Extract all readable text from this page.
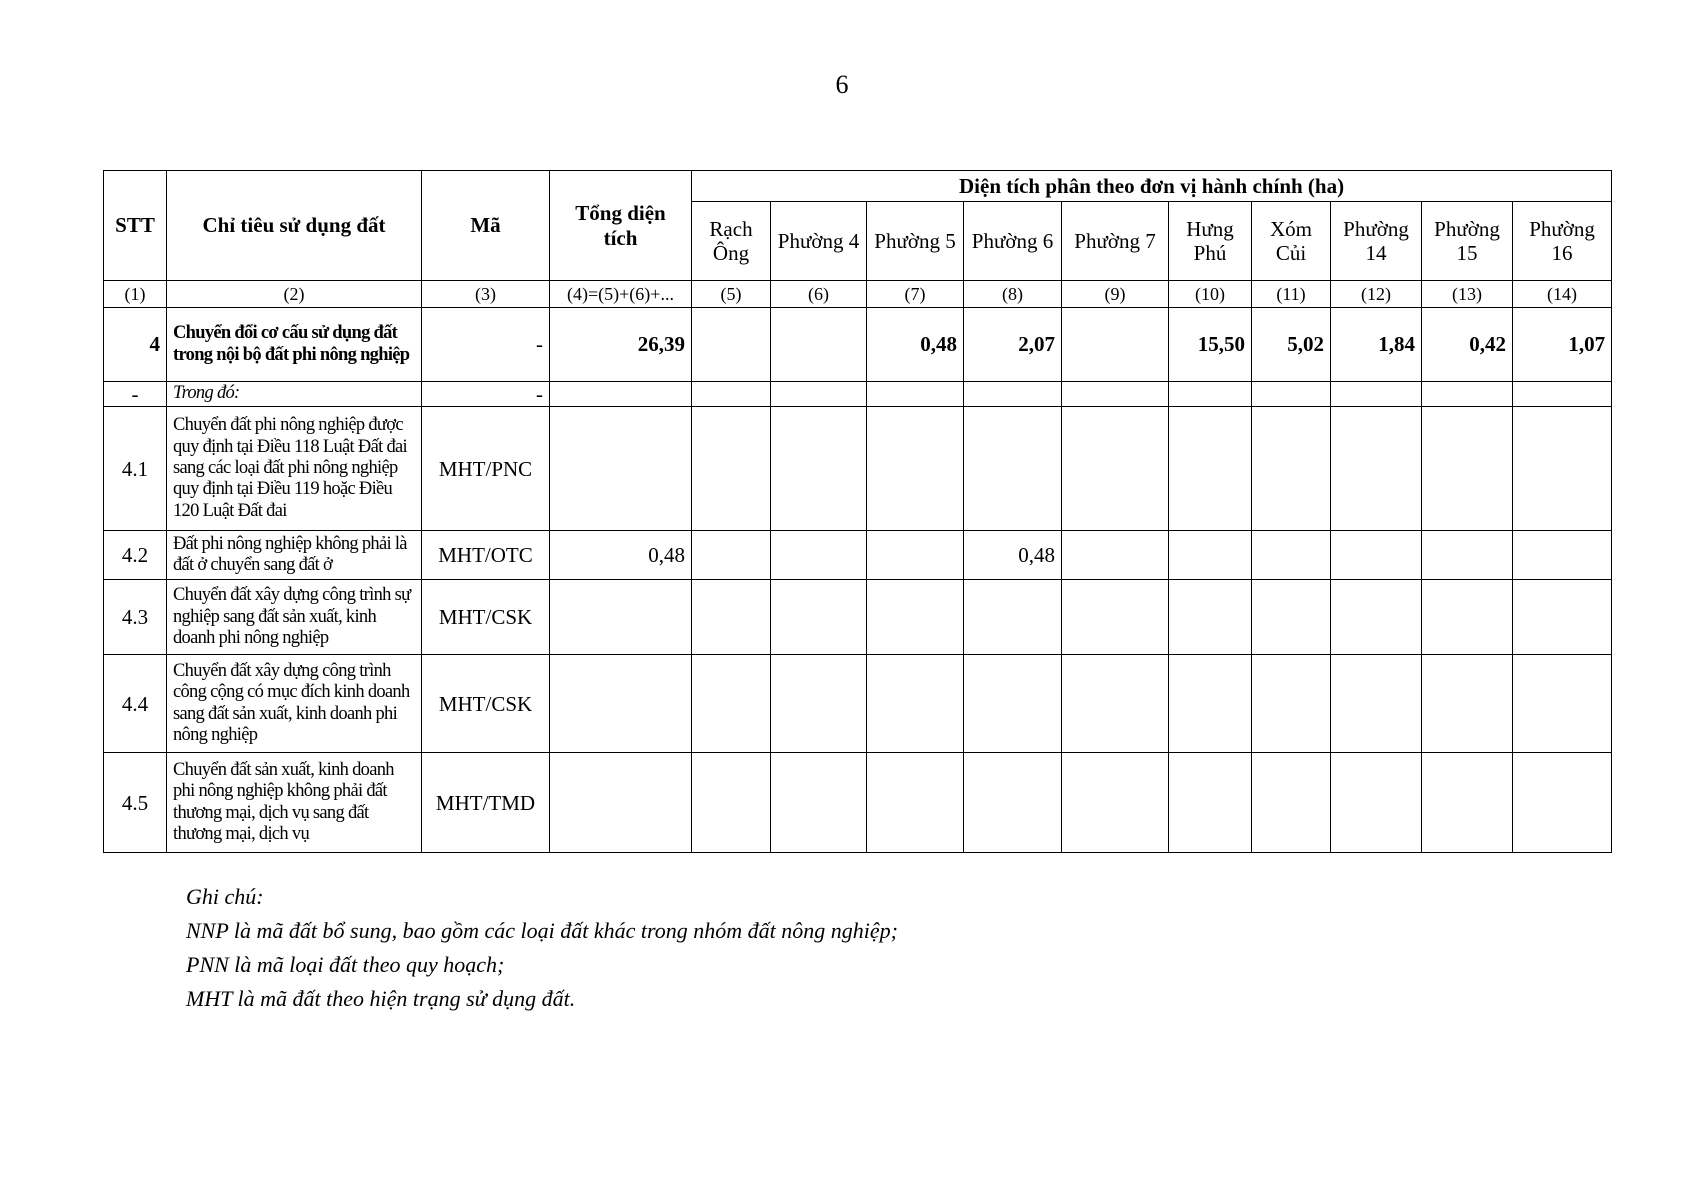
6
STT	Chỉ tiêu sử dụng đất	Mã	Tổng diện tích	Diện tích phân theo đơn vị hành chính (ha)									
				Rạch Ông	Phường 4	Phường 5	Phường 6	Phường 7	Hưng Phú	Xóm Củi	Phường 14	Phường 15	Phường 16
(1)	(2)	(3)	(4)=(5)+(6)+...	(5)	(6)	(7)	(8)	(9)	(10)	(11)	(12)	(13)	(14)
4	Chuyển đổi cơ cấu sử dụng đất trong nội bộ đất phi nông nghiệp	-	26,39			0,48	2,07		15,50	5,02	1,84	0,42	1,07
-	Trong đó:	-											
4.1	Chuyển đất phi nông nghiệp được quy định tại Điều 118 Luật Đất đai sang các loại đất phi nông nghiệp quy định tại Điều 119 hoặc Điều 120 Luật Đất đai	MHT/PNC											
4.2	Đất phi nông nghiệp không phải là đất ở chuyển sang đất ở	MHT/OTC	0,48				0,48						
4.3	Chuyển đất xây dựng công trình sự nghiệp sang đất sản xuất, kinh doanh phi nông nghiệp	MHT/CSK											
4.4	Chuyển đất xây dựng công trình công cộng có mục đích kinh doanh sang đất sản xuất, kinh doanh phi nông nghiệp	MHT/CSK											
4.5	Chuyển đất sản xuất, kinh doanh phi nông nghiệp không phải đất thương mại, dịch vụ sang đất thương mại, dịch vụ	MHT/TMD											
Ghi chú:
NNP là mã đất bổ sung, bao gồm các loại đất khác trong nhóm đất nông nghiệp;
PNN là mã loại đất theo quy hoạch;
MHT là mã đất theo hiện trạng sử dụng đất.
